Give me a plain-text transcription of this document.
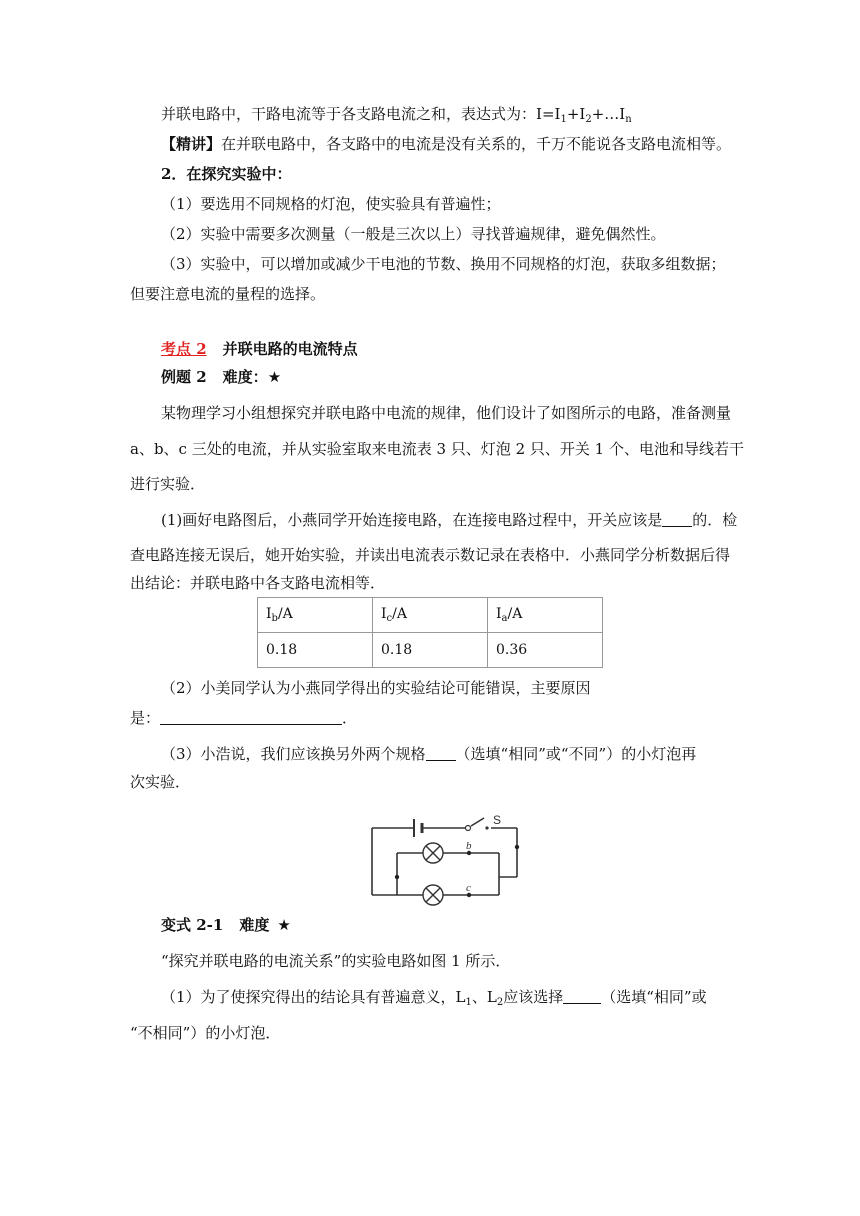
并联电路中，干路电流等于各支路电流之和，表达式为：$I=I_1+I_2+\dots I_n$
【精讲】在并联电路中，各支路中的电流是没有关系的，千万不能说各支路电流相等。
2．在探究实验中：
（1）要选用不同规格的灯泡，使实验具有普遍性；
（2）实验中需要多次测量（一般是三次以上）寻找普遍规律，避免偶然性。
（3）实验中，可以增加或减少干电池的节数、换用不同规格的灯泡，获取多组数据；
但要注意电流的量程的选择。
考点 2 并联电路的电流特点
例题 2 难度：★
某物理学习小组想探究并联电路中电流的规律，他们设计了如图所示的电路，准备测量
a、b、c 三处的电流，并从实验室取来电流表 3 只、灯泡 2 只、开关 1 个、电池和导线若干
进行实验．
(1)画好电路图后，小燕同学开始连接电路，在连接电路过程中，开关应该是 的．检
查电路连接无误后，她开始实验，并读出电流表示数记录在表格中．小燕同学分析数据后得
出结论：并联电路中各支路电流相等．
$I_b/A$	$I_c/A$	$I_a/A$
0.18	0.18	0.36
（2）小美同学认为小燕同学得出的实验结论可能错误，主要原因
是：	．
（3）小浩说，我们应该换另外两个规格 （选填“相同”或“不同”）的小灯泡再
次实验．
S
b
c
变式 2-1 难度 ★
“探究并联电路的电流关系”的实验电路如图 1 所示．
（1）为了使探究得出的结论具有普遍意义，$L_1$、$L_2$应该选择	（选填“相同”或
“不相同”）的小灯泡．
